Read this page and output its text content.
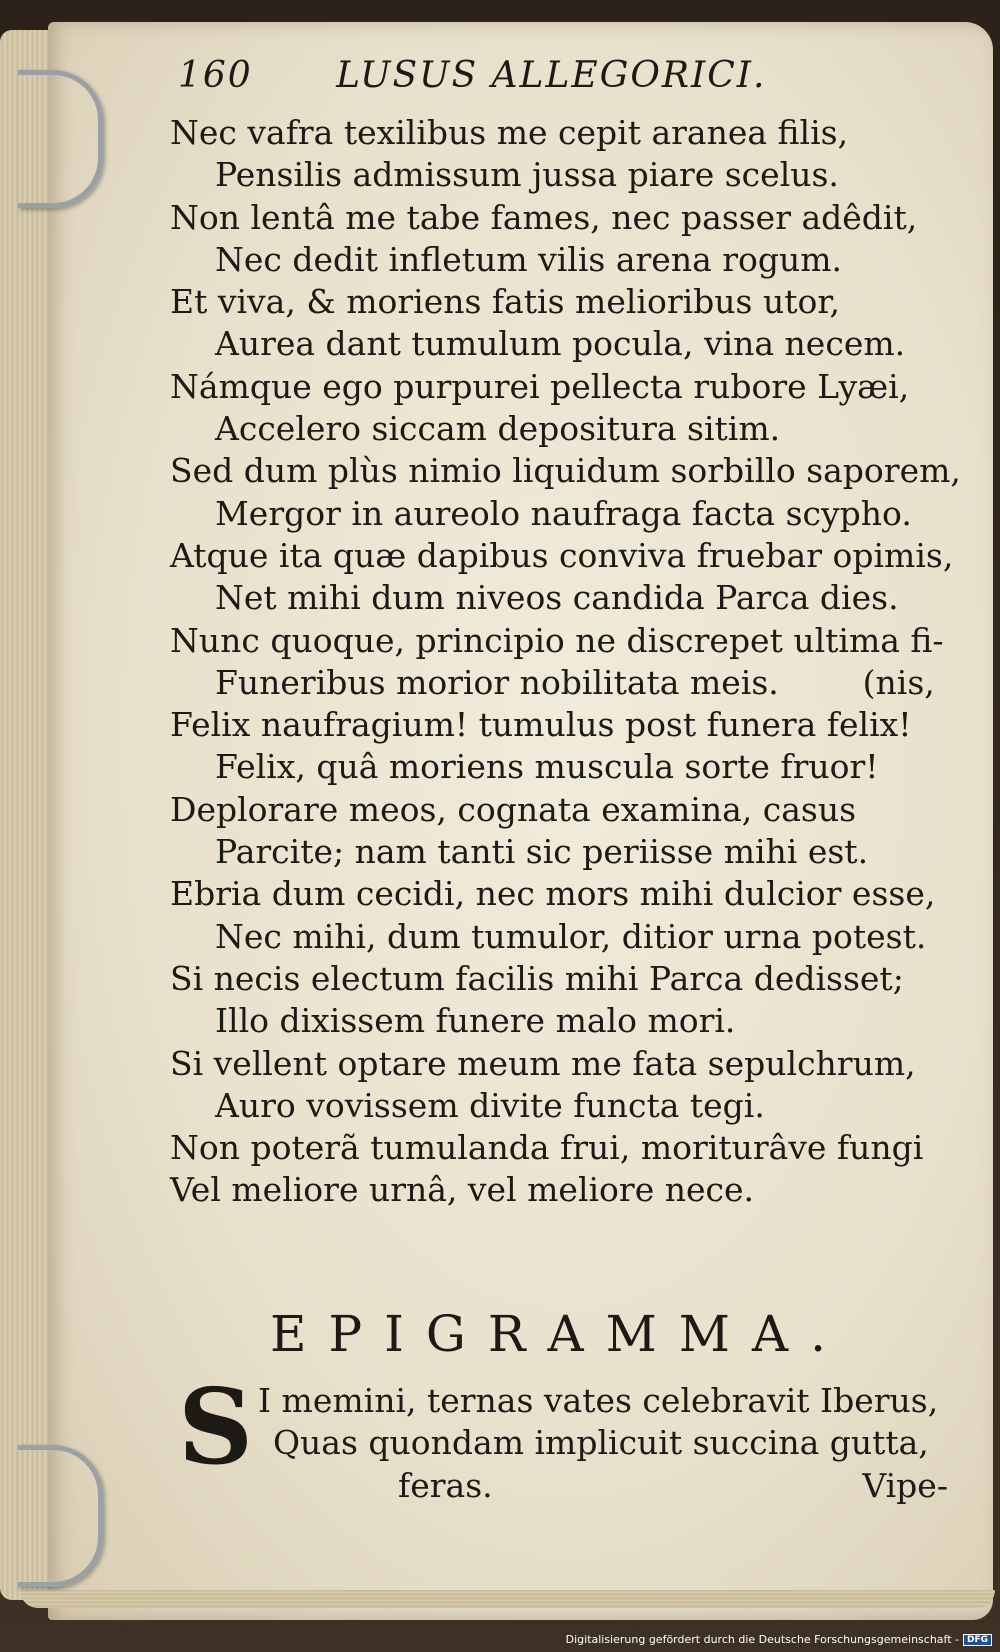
160 LUSUS ALLEGORICI.
Nec vafra texilibus me cepit aranea filis,
Pensilis admissum jussa piare scelus.
Non lentâ me tabe fames, nec passer adêdit,
Nec dedit infletum vilis arena rogum.
Et viva, & moriens fatis melioribus utor,
Aurea dant tumulum pocula, vina necem.
Námque ego purpurei pellecta rubore Lyæi,
Accelero siccam depositura sitim.
Sed dum plùs nimio liquidum sorbillo saporem,
Mergor in aureolo naufraga facta scypho.
Atque ita quæ dapibus conviva fruebar opimis,
Net mihi dum niveos candida Parca dies.
Nunc quoque, principio ne discrepet ultima fi-
Funeribus morior nobilitata meis.        (nis,
Felix naufragium! tumulus post funera felix!
Felix, quâ moriens muscula sorte fruor!
Deplorare meos, cognata examina, casus
Parcite; nam tanti sic periisse mihi est.
Ebria dum cecidi, nec mors mihi dulcior esse,
Nec mihi, dum tumulor, ditior urna potest.
Si necis electum facilis mihi Parca dedisset;
Illo dixissem funere malo mori.
Si vellent optare meum me fata sepulchrum,
Auro vovissem divite functa tegi.
Non poterã tumulanda frui, moriturâve fungi
Vel meliore urnâ, vel meliore nece.
EPIGRAMMA.
S I memini, ternas vates celebravit Iberus,
Quas quondam implicuit succina gutta,
feras.	Vipe-
Digitalisierung gefördert durch die Deutsche Forschungsgemeinschaft - DFG
